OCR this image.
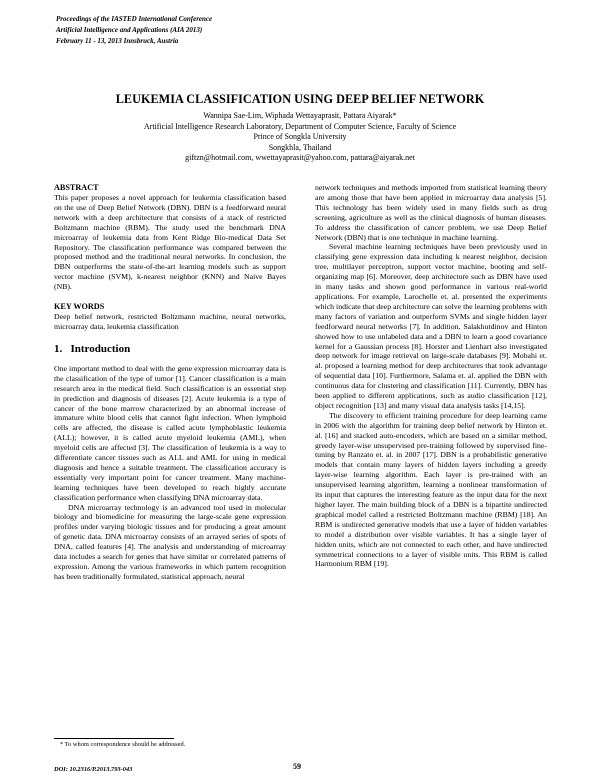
Proceedings of the IASTED International Conference
Artificial Intelligence and Applications (AIA 2013)
February 11 - 13, 2013 Innsbruck, Austria
LEUKEMIA CLASSIFICATION USING DEEP BELIEF NETWORK
Wannipa Sae-Lim, Wiphada Wettayaprasit, Pattara Aiyarak*
Artificial Intelligence Research Laboratory, Department of Computer Science, Faculty of Science
Prince of Songkla University
Songkhla, Thailand
giftzn@hotmail.com, wwettayaprasit@yahoo.com, pattara@aiyarak.net

ABSTRACT

This paper proposes a novel approach for leukemia classification based on the use of Deep Belief Network (DBN). DBN is a feedforward neural network with a deep architecture that consists of a stack of restricted Boltzmann machine (RBM). The study used the benchmark DNA microarray of leukemia data from Kent Ridge Bio-medical Data Set Repository. The classification performance was compared between the proposed method and the traditional neural networks. In conclusion, the DBN outperforms the state-of-the-art learning models such as support vector machine (SVM), k-nearest neighbor (KNN) and Naive Bayes (NB).

KEY WORDS

Deep belief network, restricted Boltzmann machine, neural networks, microarray data, leukemia classification

1.  Introduction

One important method to deal with the gene expression microarray data is the classification of the type of tumor [1]. Cancer classification is a main research area in the medical field. Such classification is an essential step in prediction and diagnosis of diseases [2]. Acute leukemia is a type of cancer of the bone marrow characterized by an abnormal increase of immature white blood cells that cannot fight infection. When lymphoid cells are affected, the disease is called acute lymphoblastic leukemia (ALL); however, it is called acute myeloid leukemia (AML), when myeloid cells are affected [3]. The classification of leukemia is a way to differentiate cancer tissues such as ALL and AML for using in medical diagnosis and hence a suitable treatment. The classification accuracy is essentially very important point for cancer treatment. Many machine- learning techniques have been developed to reach highly accurate classification performance when classifying DNA microarray data.

DNA microarray technology is an advanced tool used in molecular biology and biomedicine for measuring the large-scale gene expression profiles under varying biologic tissues and for producing a great amount of genetic data. DNA microarray consists of an arrayed series of spots of DNA, called features [4]. The analysis and understanding of microarray data includes a search for genes that have similar or correlated patterns of expression. Among the various frameworks in which pattern recognition has been traditionally formulated, statistical approach, neural

network techniques and methods imported from statistical learning theory are among those that have been applied in microarray data analysis [5]. This technology has been widely used in many fields such as drug screening, agriculture as well as the clinical diagnosis of human diseases. To address the classification of cancer problem, we use Deep Belief Network (DBN) that is one technique in machine learning.

Several machine learning techniques have been previously used in classifying gene expression data including k nearest neighbor, decision tree, multilayer perceptron, support vector machine, booting and self-organizing map [6]. Moreover, deep architecture such as DBN have used in many tasks and shown good performance in various real-world applications. For example, Larochelle et. al. presented the experiments which indicate that deep architecture can solve the learning problems with many factors of variation and outperform SVMs and single hidden layer feedforward neural networks [7]. In addition, Salakhutdinov and Hinton showed how to use unlabeled data and a DBN to learn a good covariance kernel for a Gaussian process [8]. Horster and Lienhart also investigated deep network for image retrieval on large-scale databases [9]. Mobahi et. al. proposed a learning method for deep architectures that took advantage of sequential data [10]. Furthermore, Salama et. al. applied the DBN with continuous data for clustering and classification [11]. Currently, DBN has been applied to different applications, such as audio classification [12], object recognition [13] and many visual data analysis tasks [14,15].

The discovery to efficient training procedure for deep learning came in 2006 with the algorithm for training deep belief network by Hinton et. al. [16] and stacked auto-encoders, which are based on a similar method, greedy layer-wise unsupervised pre-training followed by supervised fine-tuning by Ranzato et. al. in 2007 [17]. DBN is a probabilistic generative models that contain many layers of hidden layers including a greedy layer-wise learning algorithm. Each layer is pre-trained with an unsupervised learning algorithm, learning a nonlinear transformation of its input that captures the interesting feature as the input data for the next higher layer. The main building block of a DBN is a bipartite undirected graphical model called a restricted Boltzmann machine (RBM) [18]. An RBM is undirected generative models that use a layer of hidden variables to model a distribution over visible variables. It has a single layer of hidden units, which are not connected to each other, and have undirected symmetrical connections to a layer of visible units. This RBM is called Harmonium RBM [19].

* To whom correspondence should be addressed.
DOI: 10.2316/P.2013.793-043	59
